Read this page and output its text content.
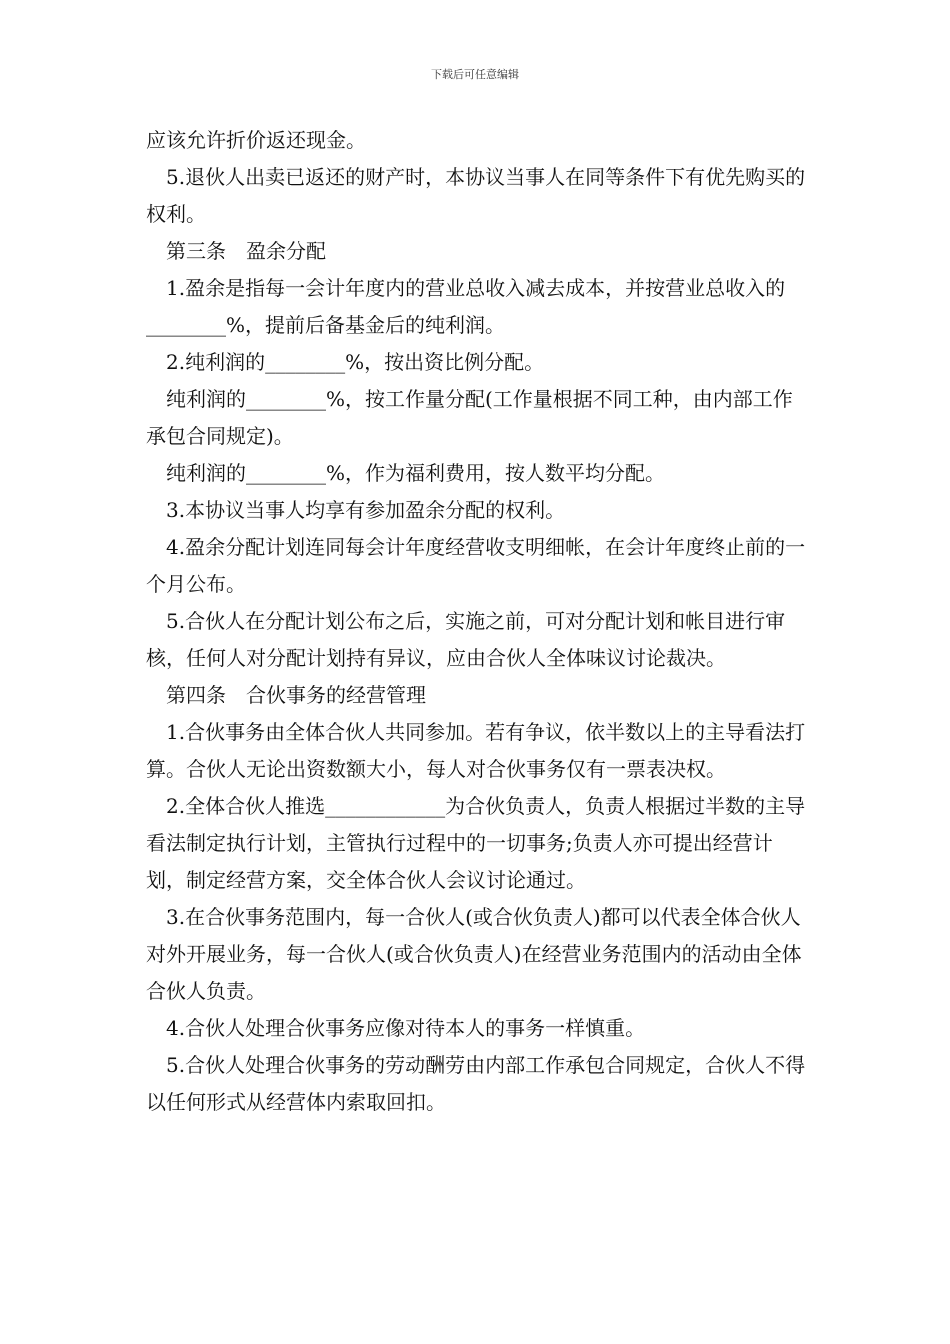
下载后可任意编辑

应该允许折价返还现金。

5.退伙人出卖已返还的财产时，本协议当事人在同等条件下有优先购买的权利。

第三条　盈余分配

1.盈余是指每一会计年度内的营业总收入减去成本，并按营业总收入的________%，提前后备基金后的纯利润。

2.纯利润的________%，按出资比例分配。

纯利润的________%，按工作量分配(工作量根据不同工种，由内部工作承包合同规定)。

纯利润的________%，作为福利费用，按人数平均分配。

3.本协议当事人均享有参加盈余分配的权利。

4.盈余分配计划连同每会计年度经营收支明细帐，在会计年度终止前的一个月公布。

5.合伙人在分配计划公布之后，实施之前，可对分配计划和帐目进行审核，任何人对分配计划持有异议，应由合伙人全体味议讨论裁决。

第四条　合伙事务的经营管理

1.合伙事务由全体合伙人共同参加。若有争议，依半数以上的主导看法打算。合伙人无论出资数额大小，每人对合伙事务仅有一票表决权。

2.全体合伙人推选____________为合伙负责人，负责人根据过半数的主导看法制定执行计划，主管执行过程中的一切事务;负责人亦可提出经营计划，制定经营方案，交全体合伙人会议讨论通过。

3.在合伙事务范围内，每一合伙人(或合伙负责人)都可以代表全体合伙人对外开展业务，每一合伙人(或合伙负责人)在经营业务范围内的活动由全体合伙人负责。

4.合伙人处理合伙事务应像对待本人的事务一样慎重。

5.合伙人处理合伙事务的劳动酬劳由内部工作承包合同规定，合伙人不得以任何形式从经营体内索取回扣。
